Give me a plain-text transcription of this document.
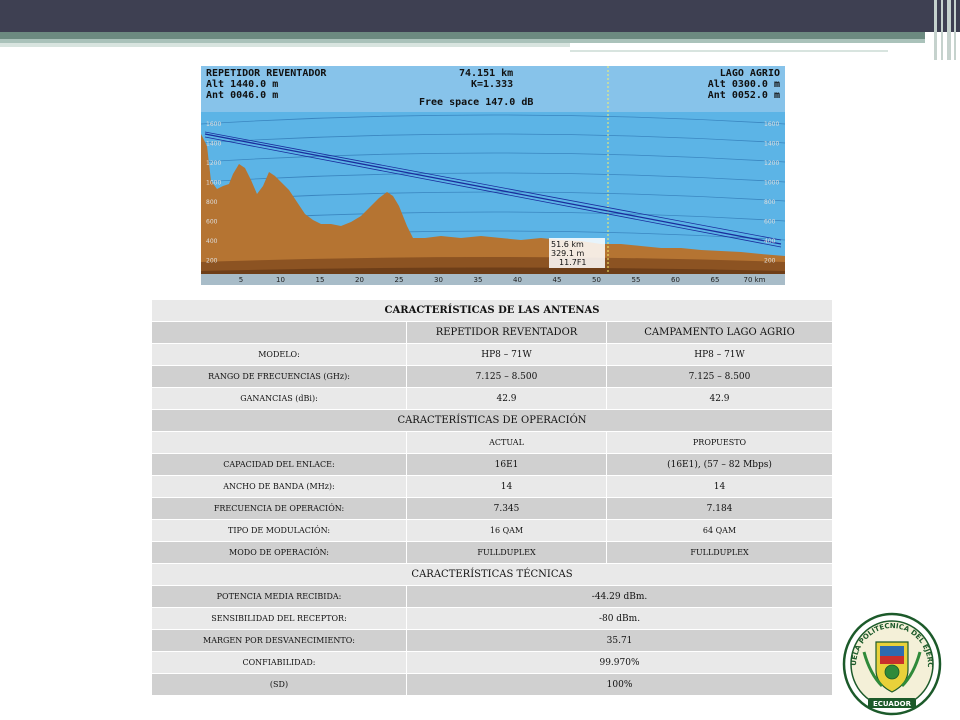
REPETIDOR REVENTADOR
Alt 1440.0 m
Ant 0046.0 m
74.151 km
K=1.333
Free space 147.0 dB
LAGO AGRIO
Alt 0300.0 m
Ant 0052.0 m
1600	1600
1400	1400
1200	1200
1000	1000
800	800
600	600
400	400
200	200
5	10	15	20	25	30	35	40	45	50	55	60	65	70 km
51.6 km
329.1 m
11.7F1
CARACTERÍSTICAS DE LAS ANTENAS		
	REPETIDOR REVENTADOR	CAMPAMENTO LAGO AGRIO
MODELO:	HP8 – 71W	HP8 – 71W
RANGO DE FRECUENCIAS (GHz):	7.125 – 8.500	7.125 – 8.500
GANANCIAS (dBi):	42.9	42.9
CARACTERÍSTICAS DE OPERACIÓN		
	ACTUAL	PROPUESTO
CAPACIDAD DEL ENLACE:	16E1	(16E1), (57 – 82 Mbps)
ANCHO DE BANDA (MHz):	14	14
FRECUENCIA DE OPERACIÓN:	7.345	7.184
TIPO DE MODULACIÓN:	16 QAM	64 QAM
MODO DE OPERACIÓN:	FULLDUPLEX	FULLDUPLEX
CARACTERÍSTICAS TÉCNICAS		
POTENCIA MEDIA RECIBIDA:	-44.29 dBm.	
SENSIBILIDAD DEL RECEPTOR:	-80 dBm.	
MARGEN POR DESVANECIMIENTO:	35.71	
CONFIABILIDAD:	99.970%	
(SD)	100%	
UELA POLITECNICA DEL EJERC
ECUADOR
